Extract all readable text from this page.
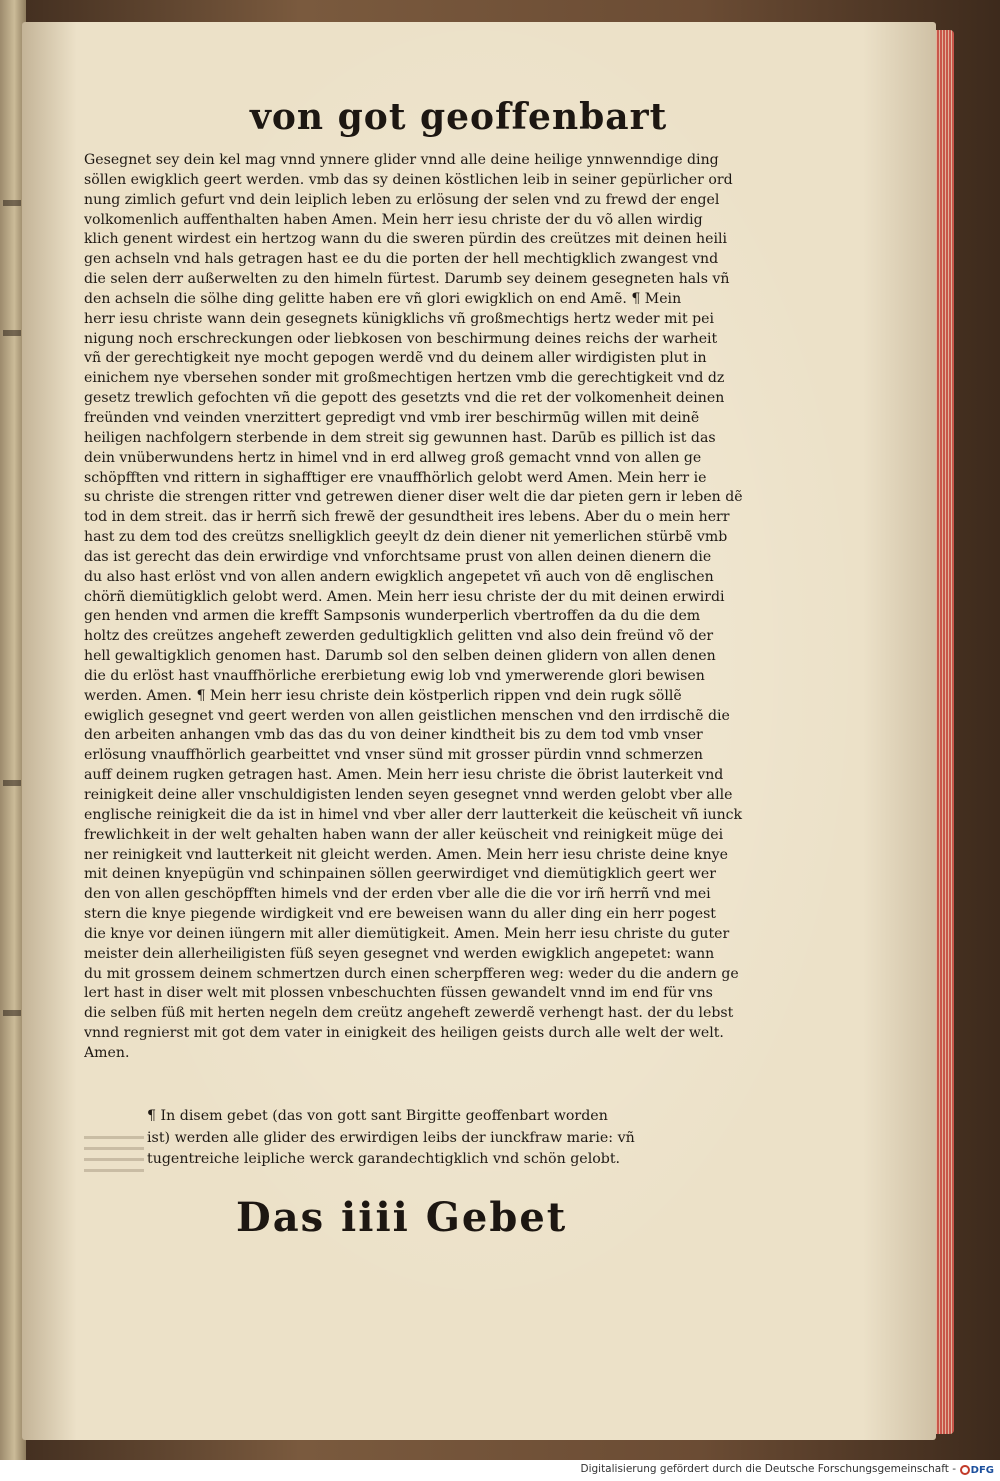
von got geoffenbart
Gesegnet sey dein kel mag vnnd ynnere glider vnnd alle deine heilige ynnwenndige ding
söllen ewigklich geert werden. vmb das sy deinen köstlichen leib in seiner gepürlicher ord
nung zimlich gefurt vnd dein leiplich leben zu erlösung der selen vnd zu frewd der engel
volkomenlich auffenthalten haben Amen. Mein herr iesu christe der du võ allen wirdig
klich genent wirdest ein hertzog wann du die sweren pürdin des creützes mit deinen heili
gen achseln vnd hals getragen hast ee du die porten der hell mechtigklich zwangest vnd
die selen derr außerwelten zu den himeln fürtest. Darumb sey deinem gesegneten hals vñ
den achseln die sölhe ding gelitte haben ere vñ glori ewigklich on end Amẽ. ¶ Mein
herr iesu christe wann dein gesegnets künigklichs vñ großmechtigs hertz weder mit pei
nigung noch erschreckungen oder liebkosen von beschirmung deines reichs der warheit
vñ der gerechtigkeit nye mocht gepogen werdẽ vnd du deinem aller wirdigisten plut in
einichem nye vbersehen sonder mit großmechtigen hertzen vmb die gerechtigkeit vnd dz
gesetz trewlich gefochten vñ die gepott des gesetzts vnd die ret der volkomenheit deinen
freünden vnd veinden vnerzittert gepredigt vnd vmb irer beschirmūg willen mit deinẽ
heiligen nachfolgern sterbende in dem streit sig gewunnen hast. Darūb es pillich ist das
dein vnüberwundens hertz in himel vnd in erd allweg groß gemacht vnnd von allen ge
schöpfften vnd rittern in sighafftiger ere vnauffhörlich gelobt werd Amen. Mein herr ie
su christe die strengen ritter vnd getrewen diener diser welt die dar pieten gern ir leben dẽ
tod in dem streit. das ir herrñ sich frewẽ der gesundtheit ires lebens. Aber du o mein herr
hast zu dem tod des creützs snelligklich geeylt dz dein diener nit yemerlichen stürbẽ vmb
das ist gerecht das dein erwirdige vnd vnforchtsame prust von allen deinen dienern die
du also hast erlöst vnd von allen andern ewigklich angepetet vñ auch von dẽ englischen
chörñ diemütigklich gelobt werd. Amen. Mein herr iesu christe der du mit deinen erwirdi
gen henden vnd armen die krefft Sampsonis wunderperlich vbertroffen da du die dem
holtz des creützes angeheft zewerden gedultigklich gelitten vnd also dein freünd võ der
hell gewaltigklich genomen hast. Darumb sol den selben deinen glidern von allen denen
die du erlöst hast vnauffhörliche ererbietung ewig lob vnd ymerwerende glori bewisen
werden. Amen. ¶ Mein herr iesu christe dein köstperlich rippen vnd dein rugk söllẽ
ewiglich gesegnet vnd geert werden von allen geistlichen menschen vnd den irrdischẽ die
den arbeiten anhangen vmb das das du von deiner kindtheit bis zu dem tod vmb vnser
erlösung vnauffhörlich gearbeittet vnd vnser sünd mit grosser pürdin vnnd schmerzen
auff deinem rugken getragen hast. Amen. Mein herr iesu christe die öbrist lauterkeit vnd
reinigkeit deine aller vnschuldigisten lenden seyen gesegnet vnnd werden gelobt vber alle
englische reinigkeit die da ist in himel vnd vber aller derr lautterkeit die keüscheit vñ iunck
frewlichkeit in der welt gehalten haben wann der aller keüscheit vnd reinigkeit müge dei
ner reinigkeit vnd lautterkeit nit gleicht werden. Amen. Mein herr iesu christe deine knye
mit deinen knyepügün vnd schinpainen söllen geerwirdiget vnd diemütigklich geert wer
den von allen geschöpfften himels vnd der erden vber alle die die vor irñ herrñ vnd mei
stern die knye piegende wirdigkeit vnd ere beweisen wann du aller ding ein herr pogest
die knye vor deinen iüngern mit aller diemütigkeit. Amen. Mein herr iesu christe du guter
meister dein allerheiligisten füß seyen gesegnet vnd werden ewigklich angepetet: wann
du mit grossem deinem schmertzen durch einen scherpfferen weg: weder du die andern ge
lert hast in diser welt mit plossen vnbeschuchten füssen gewandelt vnnd im end für vns
die selben füß mit herten negeln dem creütz angeheft zewerdẽ verhengt hast. der du lebst
vnnd regnierst mit got dem vater in einigkeit des heiligen geists durch alle welt der welt.
Amen.
¶ In disem gebet (das von gott sant Birgitte geoffenbart worden
ist) werden alle glider des erwirdigen leibs der iunckfraw marie: vñ
tugentreiche leipliche werck garandechtigklich vnd schön gelobt.
Das iiii Gebet
Digitalisierung gefördert durch die Deutsche Forschungsgemeinschaft - DFG
